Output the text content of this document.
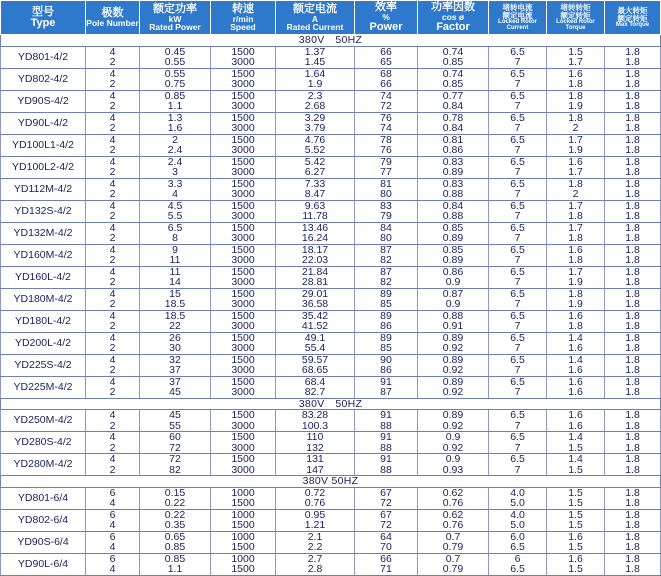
型号
Type	极数
Pole Number	额定功率
kW
Rated Power	转速
r/min
Speed	额定电流
A
Rated Current	效率
%
Power	功率因数
cos ø
Factor	堵转电流
额定电流
Locked Rotor Current	堵转转矩
额定转矩
Locked Rotor Torque	最大转矩
额定转矩
Max Torque

380V　50HZ									
YD801-4/2	4	0.45	1500	1.37	66	0.74	6.5	1.5	1.8
	2	0.55	3000	1.45	65	0.85	7	1.7	1.8
YD802-4/2	4	0.55	1500	1.64	68	0.74	6.5	1.6	1.8
	2	0.75	3000	1.9	66	0.85	7	1.8	1.8
YD90S-4/2	4	0.85	1500	2.3	74	0.77	6.5	1.8	1.8
	2	1.1	3000	2.68	72	0.84	7	1.9	1.8
YD90L-4/2	4	1.3	1500	3.29	76	0.78	6.5	1.8	1.8
	2	1.6	3000	3.79	74	0.84	7	2	1.8
YD100L1-4/2	4	2	1500	4.76	78	0.81	6.5	1.7	1.8
	2	2.4	3000	5.52	76	0.86	7	1.9	1.8
YD100L2-4/2	4	2.4	1500	5.42	79	0.83	6.5	1.6	1.8
	2	3	3000	6.27	77	0.89	7	1.7	1.8
YD112M-4/2	4	3.3	1500	7.33	81	0.83	6.5	1.8	1.8
	2	4	3000	8.47	80	0.88	7	2	1.8
YD132S-4/2	4	4.5	1500	9.63	83	0.84	6.5	1.7	1.8
	2	5.5	3000	11.78	79	0.88	7	1.8	1.8
YD132M-4/2	4	6.5	1500	13.46	84	0.85	6.5	1.7	1.8
	2	8	3000	16.24	80	0.89	7	1.8	1.8
YD160M-4/2	4	9	1500	18.17	87	0.85	6.5	1.6	1.8
	2	11	3000	22.03	82	0.89	7	1.8	1.8
YD160L-4/2	4	11	1500	21.84	87	0.86	6.5	1.7	1.8
	2	14	3000	28.81	82	0.9	7	1.9	1.8
YD180M-4/2	4	15	1500	29.01	89	0.87	6.5	1.8	1.8
	2	18.5	3000	36.58	85	0.9	7	1.9	1.8
YD180L-4/2	4	18.5	1500	35.42	89	0.88	6.5	1.6	1.8
	2	22	3000	41.52	86	0.91	7	1.8	1.8
YD200L-4/2	4	26	1500	49.1	89	0.89	6.5	1.4	1.8
	2	30	3000	55.4	85	0.92	7	1.6	1.8
YD225S-4/2	4	32	1500	59.57	90	0.89	6.5	1.4	1.8
	2	37	3000	68.65	86	0.92	7	1.6	1.8
YD225M-4/2	4	37	1500	68.4	91	0.89	6.5	1.6	1.8
	2	45	3000	82.7	87	0.92	7	1.6	1.8
380V　50HZ									
YD250M-4/2	4	45	1500	83.28	91	0.89	6.5	1.6	1.8
	2	55	3000	100.3	88	0.92	7	1.6	1.8
YD280S-4/2	4	60	1500	110	91	0.9	6.5	1.4	1.8
	2	72	3000	132	88	0.92	7	1.5	1.8
YD280M-4/2	4	72	1500	131	91	0.9	6.5	1.4	1.8
	2	82	3000	147	88	0.93	7	1.5	1.8
380V 50HZ									
YD801-6/4	6	0.15	1000	0.72	67	0.62	4.0	1.5	1.8
	4	0.22	1500	0.76	72	0.76	5.0	1.5	1.8
YD802-6/4	6	0.22	1000	0.95	67	0.62	4.0	1.5	1.8
	4	0.35	1500	1.21	72	0.76	5.0	1.5	1.8
YD90S-6/4	6	0.65	1000	2.1	64	0.7	6.0	1.6	1.8
	4	0.85	1500	2.2	70	0.79	6.5	1.5	1.8
YD90L-6/4	6	0.85	1000	2.7	66	0.7	6	1.6	1.8
	4	1.1	1500	2.8	71	0.79	6.5	1.5	1.8
